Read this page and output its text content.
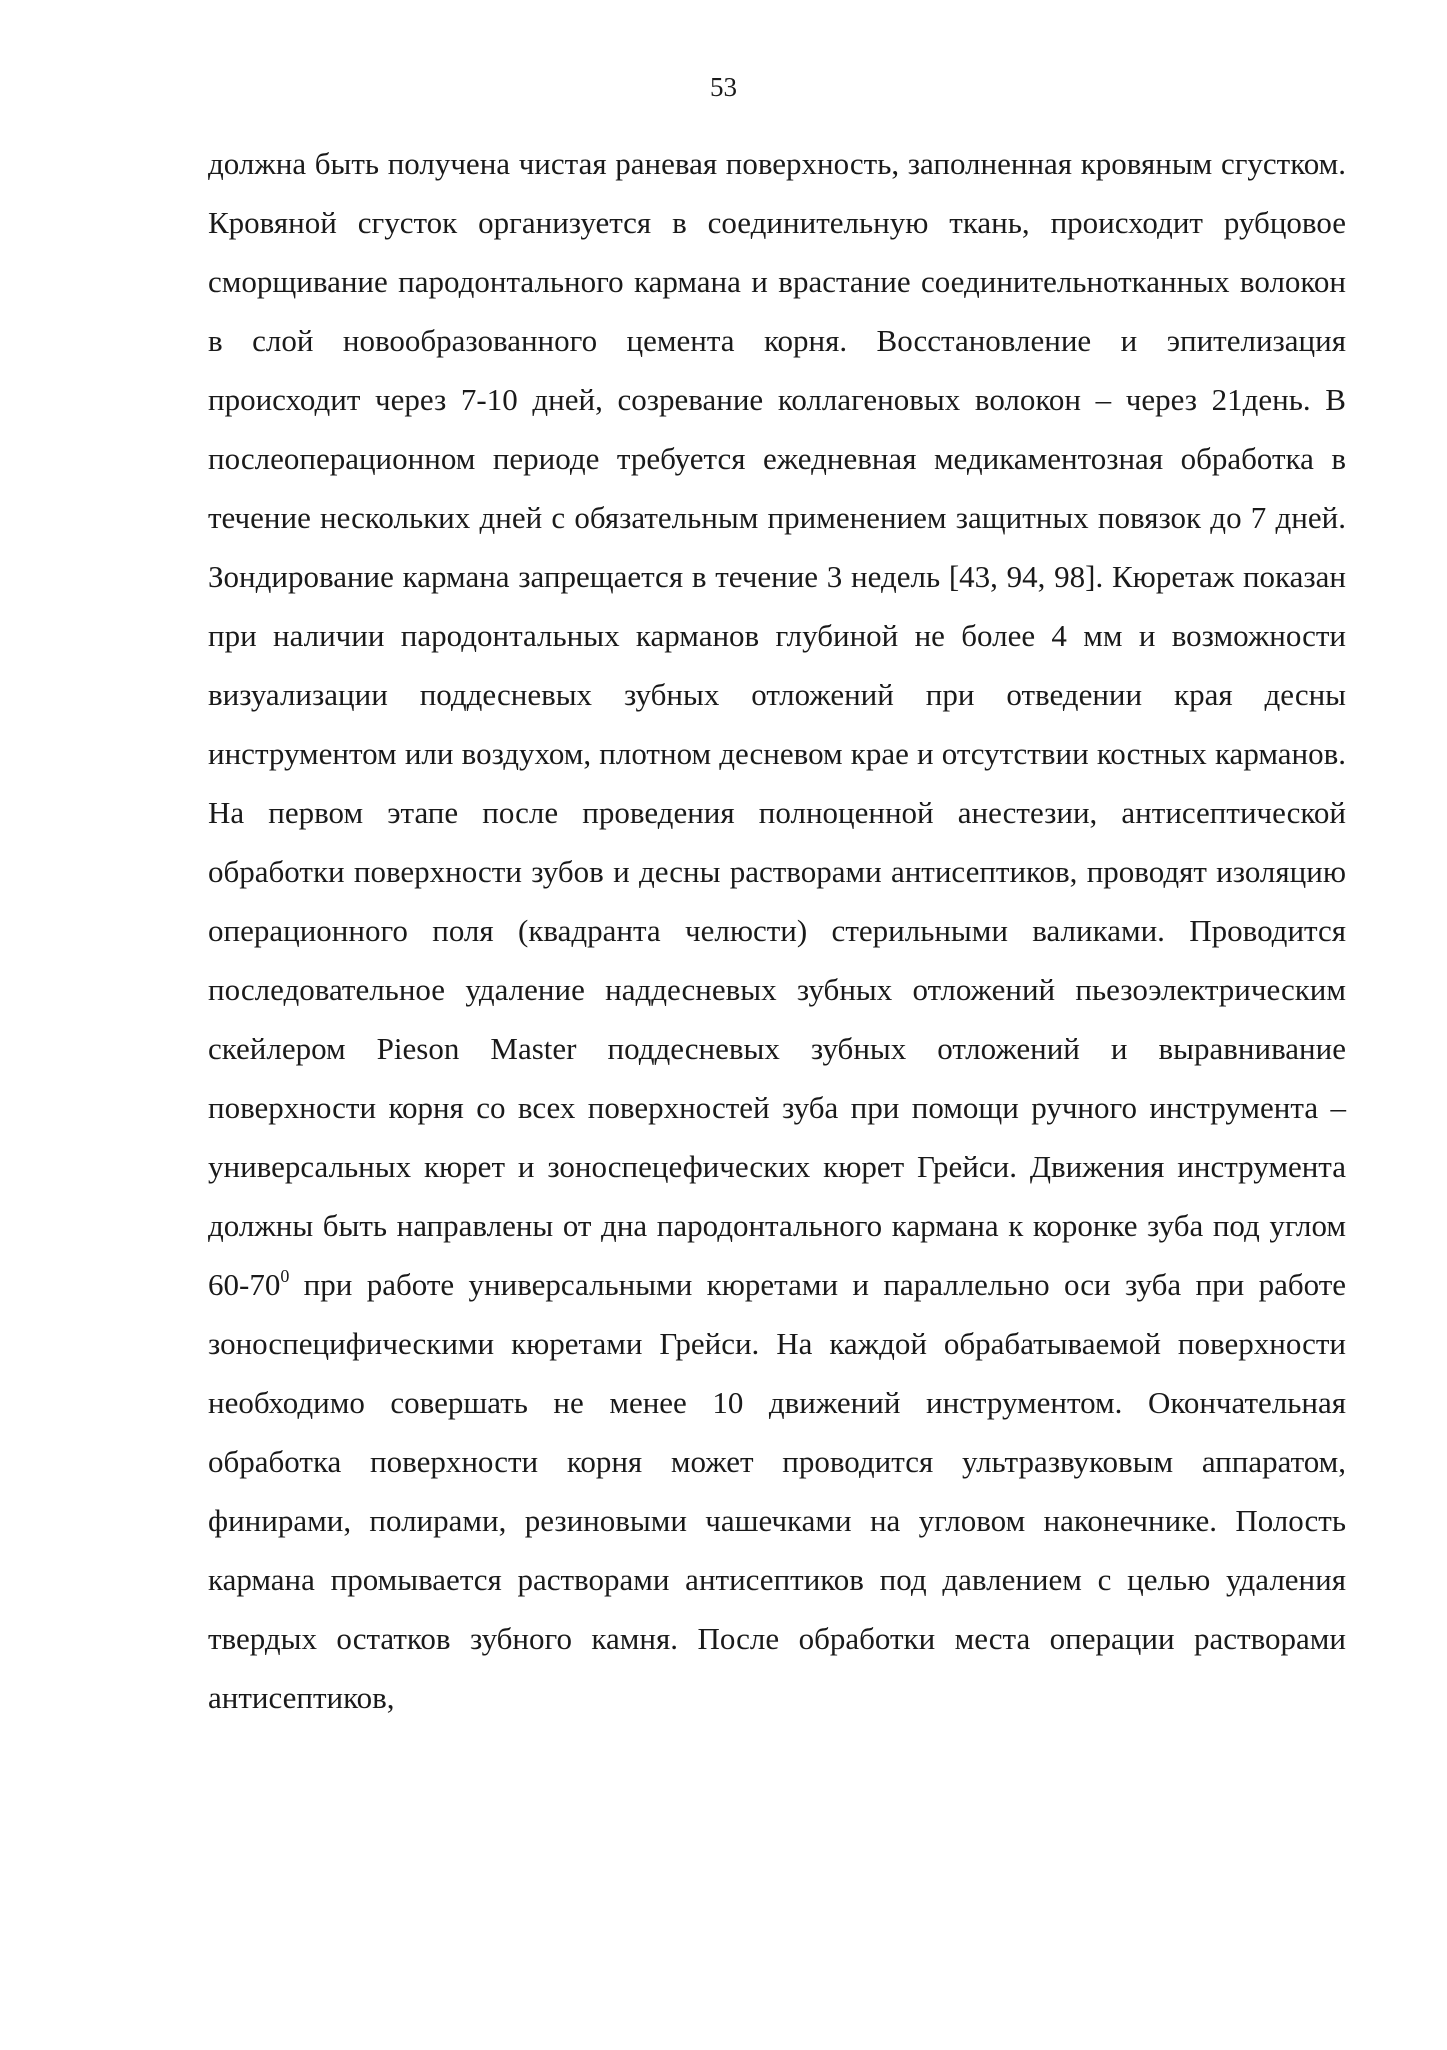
53

должна быть получена чистая раневая поверхность, заполненная кровяным сгустком. Кровяной сгусток организуется в соединительную ткань, происходит рубцовое сморщивание пародонтального кармана и врастание соединительнотканных волокон в слой новообразованного цемента корня. Восстановление и эпителизация происходит через 7-10 дней, созревание коллагеновых волокон – через 21день. В послеоперационном периоде требуется ежедневная медикаментозная обработка в течение нескольких дней с обязательным применением защитных повязок до 7 дней. Зондирование кармана запрещается в течение 3 недель [43, 94, 98]. Кюретаж показан при наличии пародонтальных карманов глубиной не более 4 мм и возможности визуализации поддесневых зубных отложений при отведении края десны инструментом или воздухом, плотном десневом крае и отсутствии костных карманов. На первом этапе после проведения полноценной анестезии, антисептической обработки поверхности зубов и десны растворами антисептиков, проводят изоляцию операционного поля (квадранта челюсти) стерильными валиками. Проводится последовательное удаление наддесневых зубных отложений пьезоэлектрическим скейлером Pieson Master поддесневых зубных отложений и выравнивание поверхности корня со всех поверхностей зуба при помощи ручного инструмента – универсальных кюрет и зоноспецефических кюрет Грейси. Движения инструмента должны быть направлены от дна пародонтального кармана к коронке зуба под углом $60-70^0$ при работе универсальными кюретами и параллельно оси зуба при работе зоноспецифическими кюретами Грейси. На каждой обрабатываемой поверхности необходимо совершать не менее 10 движений инструментом. Окончательная обработка поверхности корня может проводится ультразвуковым аппаратом, финирами, полирами, резиновыми чашечками на угловом наконечнике. Полость кармана промывается растворами антисептиков под давлением с целью удаления твердых остатков зубного камня. После обработки места операции растворами антисептиков,
